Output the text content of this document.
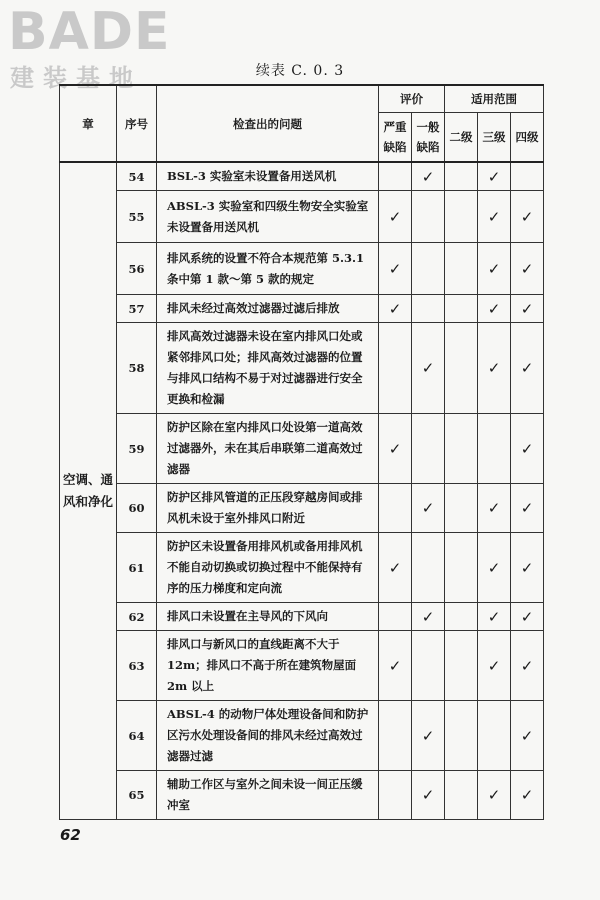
BADE
建装基地	续表 C. 0. 3
章	序号	检查出的问题	评价		适用范围		
			严重缺陷	一般缺陷	二级	三级	四级
空调、通风和净化	54	BSL-3 实验室未设置备用送风机		✓		✓	
	55	ABSL-3 实验室和四级生物安全实验室未设置备用送风机	✓			✓	✓
	56	排风系统的设置不符合本规范第 5.3.1 条中第 1 款～第 5 款的规定	✓			✓	✓
	57	排风未经过高效过滤器过滤后排放	✓			✓	✓
	58	排风高效过滤器未设在室内排风口处或紧邻排风口处；排风高效过滤器的位置与排风口结构不易于对过滤器进行安全更换和检漏		✓		✓	✓
	59	防护区除在室内排风口处设第一道高效过滤器外，未在其后串联第二道高效过滤器	✓				✓
	60	防护区排风管道的正压段穿越房间或排风机未设于室外排风口附近		✓		✓	✓
	61	防护区未设置备用排风机或备用排风机不能自动切换或切换过程中不能保持有序的压力梯度和定向流	✓			✓	✓
	62	排风口未设置在主导风的下风向		✓		✓	✓
	63	排风口与新风口的直线距离不大于 12m；排风口不高于所在建筑物屋面 2m 以上	✓			✓	✓
	64	ABSL-4 的动物尸体处理设备间和防护区污水处理设备间的排风未经过高效过滤器过滤		✓			✓
	65	辅助工作区与室外之间未设一间正压缓冲室		✓		✓	✓
62
